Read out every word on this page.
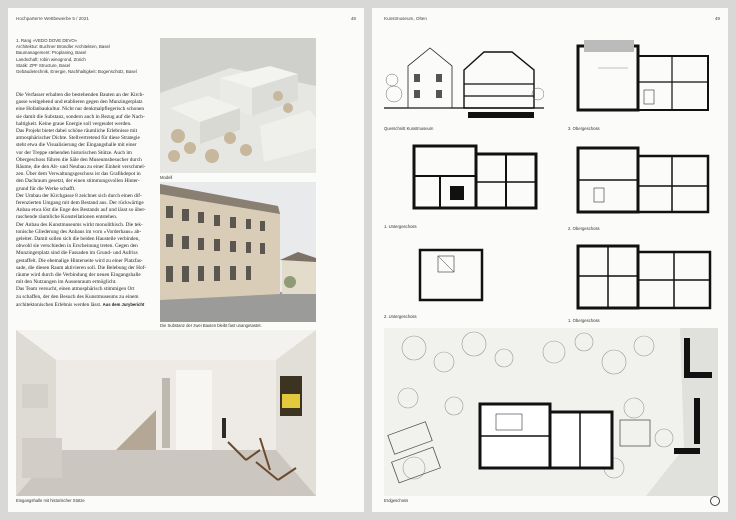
Hochparterre Wettbewerbe 5 / 2021	48
1. Rang «VEDO DOVE DEVO»
Architektur: Buchner Bründler Architekten, Basel
Baumanagement: Proplaning, Basel
Landschaft: robin winogrond, Zürich
Statik: ZPF Structure, Basel
Gebäudetechnik, Energie, Nachhaltigkeit: Bogenschütz, Basel
Die Verfasser erhalten die bestehenden Bauten an der Kirch-
gasse weitgehend und etablieren gegen den Munzingerplatz
eine Hofanbaukultur. Nicht nur denkmalpflegerisch schonen
sie damit die Substanz, sondern auch in Bezug auf die Nach-
haltigkeit. Keine graue Energie soll vergeudet werden.
Das Projekt bietet dabei schöne räumliche Erlebnisse mit
atmosphärischer Dichte. Stellvertretend für diese Strategie
steht etwa die Visualisierung der Eingangshalle mit einer
vor der Treppe stehenden historischen Stütze. Auch im
Obergeschoss führen die Säle den Museumsbesucher durch
Räume, die den Alt- und Neubau zu einer Einheit verschmel-
zen. Über dem Verwaltungsgeschoss ist das Grafikdepot in
den Dachraum gesetzt, der einen stimmungsvollen Hinter-
grund für die Werke schafft.
Der Umbau der Kirchgasse 8 zeichnet sich durch einen dif-
ferenzierten Umgang mit dem Bestand aus. Der rückwärtige
Anbau etwa löst die Enge des Bestands auf und lässt so über-
raschende räumliche Konstellationen entstehen.
Der Anbau des Kunstmuseums wirkt monolithisch. Die tek-
tonische Gliederung des Anbaus im vorn «Vorderhaus» ab-
geleitet. Damit sollen sich die beiden Hausteile verbinden,
obwohl sie verschieden in Erscheinung treten. Gegen den
Munzingerplatz sind die Fassaden im Grund- und Aufriss
gestaffelt. Die ehemalige Hinterseite wird zu einer Platzfas-
sade, die diesen Raum aktivieren soll. Die Belebung der Hof-
räume wird durch die Verbindung der neuen Eingangshalle
mit den Nutzungen im Aussenraum ermöglicht.
Das Team versucht, einen atmosphärisch stimmigen Ort
zu schaffen, der den Besuch des Kunstmuseums zu einem
architektonischen Erlebnis werden lässt. Aus dem Jurybericht
Modell
Die Substanz der zwei Bauten bleibt fast unangetastet.
Eingangshalle mit historischer Stütze
Kunstmuseum, Olten	49
Querschnitt Kunstmuseum	3. Obergeschoss
1. Untergeschoss	2. Obergeschoss
2. Untergeschoss
1. Obergeschoss
Erdgeschoss
